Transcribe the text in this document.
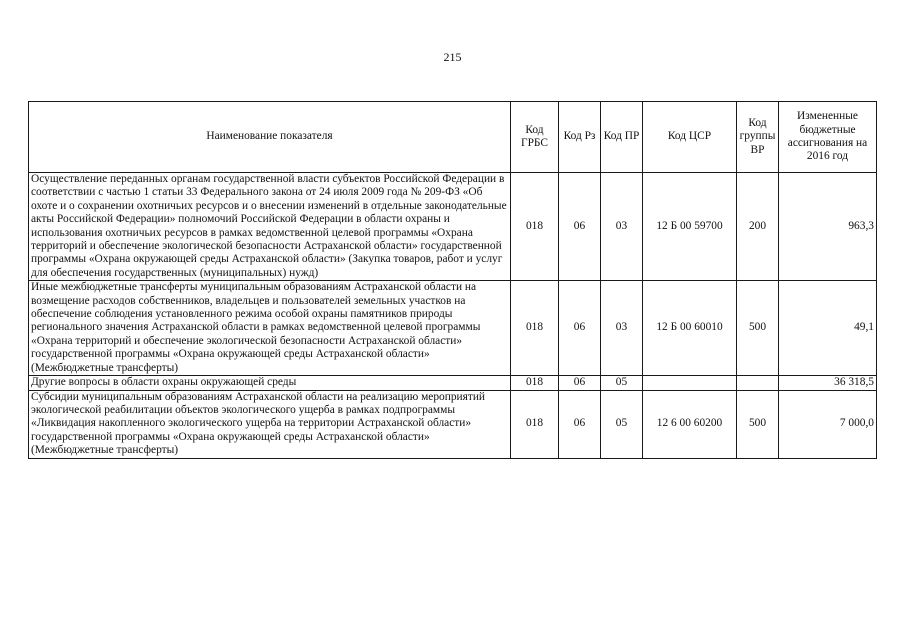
215
Наименование показателя	Код ГРБС	Код Рз	Код ПР	Код ЦСР	Код группы ВР	Измененные бюджетные ассигнования на 2016 год
Осуществление переданных органам государственной власти субъектов Российской Федерации в соответствии с частью 1 статьи 33 Федерального закона от 24 июля 2009 года № 209-ФЗ «Об охоте и о сохранении охотничьих ресурсов и о внесении изменений в отдельные законодательные акты Российской Федерации» полномочий Российской Федерации в области охраны и использования охотничьих ресурсов в рамках ведомственной целевой программы «Охрана территорий и обеспечение экологической безопасности Астраханской области» государственной программы «Охрана окружающей среды Астраханской области» (Закупка товаров, работ и услуг для обеспечения государственных (муниципальных) нужд)	018	06	03	12 Б 00 59700	200	963,3
Иные межбюджетные трансферты муниципальным образованиям Астраханской области на возмещение расходов собственников, владельцев и пользователей земельных участков на обеспечение соблюдения установленного режима особой охраны памятников природы регионального значения Астраханской области в рамках ведомственной целевой программы «Охрана территорий и обеспечение экологической безопасности Астраханской области» государственной программы «Охрана окружающей среды Астраханской области» (Межбюджетные трансферты)	018	06	03	12 Б 00 60010	500	49,1
Другие вопросы в области охраны окружающей среды	018	06	05			36 318,5
Субсидии муниципальным образованиям Астраханской области на реализацию мероприятий экологической реабилитации объектов экологического ущерба в рамках подпрограммы «Ликвидация накопленного экологического ущерба на территории Астраханской области» государственной программы «Охрана окружающей среды Астраханской области» (Межбюджетные трансферты)	018	06	05	12 6 00 60200	500	7 000,0
